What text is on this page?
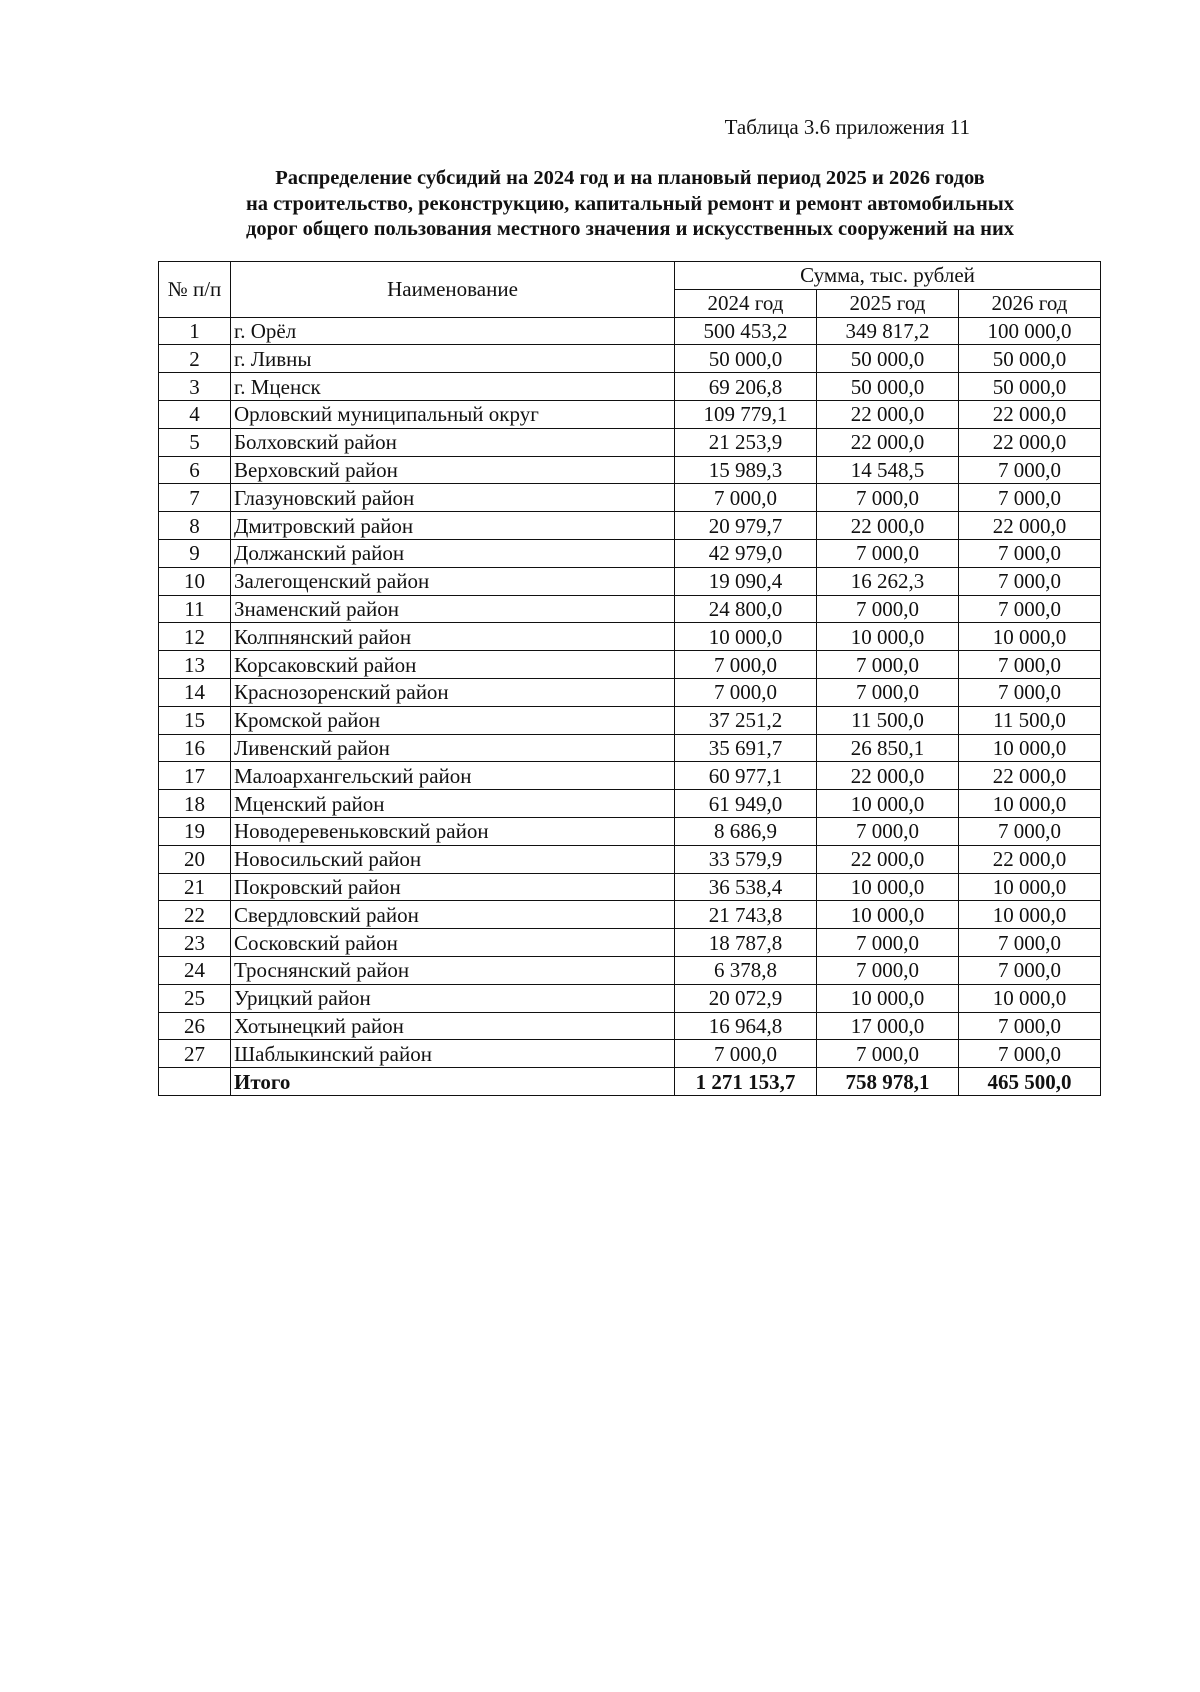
Таблица 3.6 приложения 11
Распределение субсидий на 2024 год и на плановый период 2025 и 2026 годов
на строительство, реконструкцию, капитальный ремонт и ремонт автомобильных
дорог общего пользования местного значения и искусственных сооружений на них
№ п/п	Наименование	Сумма, тыс. рублей		
		2024 год	2025 год	2026 год
1	г. Орёл	500 453,2	349 817,2	100 000,0
2	г. Ливны	50 000,0	50 000,0	50 000,0
3	г. Мценск	69 206,8	50 000,0	50 000,0
4	Орловский муниципальный округ	109 779,1	22 000,0	22 000,0
5	Болховский район	21 253,9	22 000,0	22 000,0
6	Верховский район	15 989,3	14 548,5	7 000,0
7	Глазуновский район	7 000,0	7 000,0	7 000,0
8	Дмитровский район	20 979,7	22 000,0	22 000,0
9	Должанский район	42 979,0	7 000,0	7 000,0
10	Залегощенский район	19 090,4	16 262,3	7 000,0
11	Знаменский район	24 800,0	7 000,0	7 000,0
12	Колпнянский район	10 000,0	10 000,0	10 000,0
13	Корсаковский район	7 000,0	7 000,0	7 000,0
14	Краснозоренский район	7 000,0	7 000,0	7 000,0
15	Кромской район	37 251,2	11 500,0	11 500,0
16	Ливенский район	35 691,7	26 850,1	10 000,0
17	Малоархангельский район	60 977,1	22 000,0	22 000,0
18	Мценский район	61 949,0	10 000,0	10 000,0
19	Новодеревеньковский район	8 686,9	7 000,0	7 000,0
20	Новосильский район	33 579,9	22 000,0	22 000,0
21	Покровский район	36 538,4	10 000,0	10 000,0
22	Свердловский район	21 743,8	10 000,0	10 000,0
23	Сосковский район	18 787,8	7 000,0	7 000,0
24	Троснянский район	6 378,8	7 000,0	7 000,0
25	Урицкий район	20 072,9	10 000,0	10 000,0
26	Хотынецкий район	16 964,8	17 000,0	7 000,0
27	Шаблыкинский район	7 000,0	7 000,0	7 000,0
	Итого	1 271 153,7	758 978,1	465 500,0
